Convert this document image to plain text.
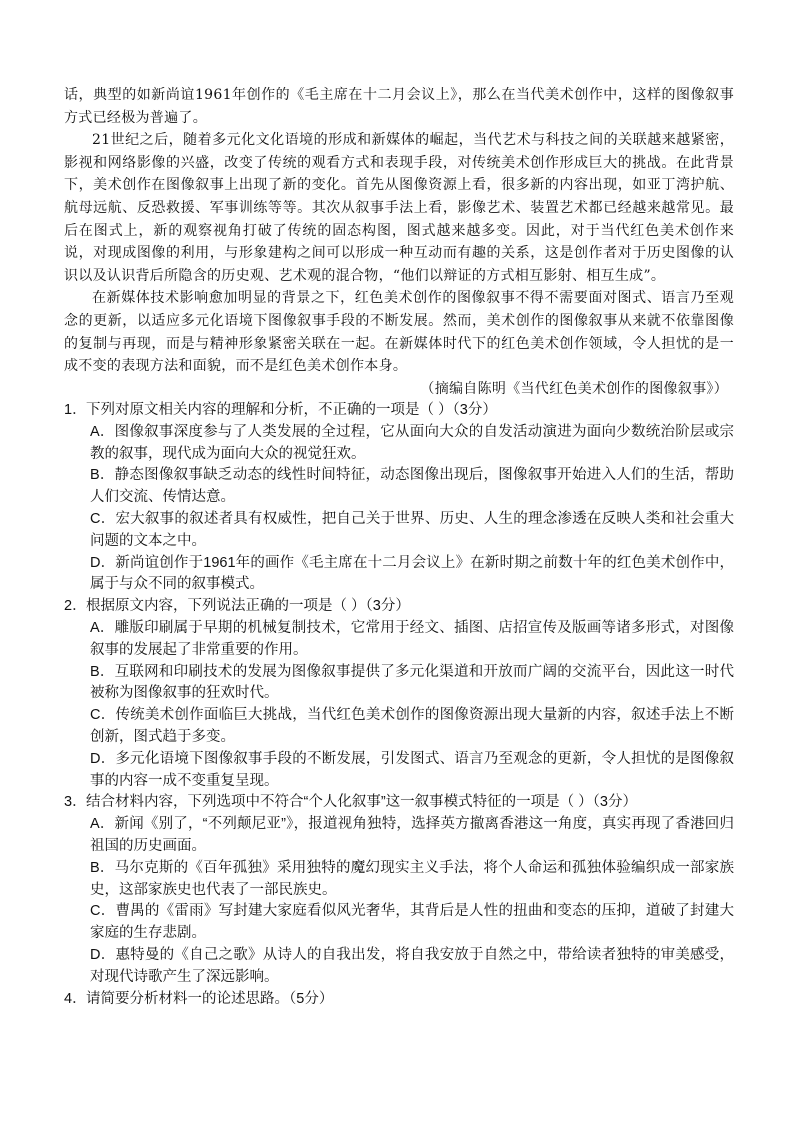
话，典型的如新尚谊1961年创作的《毛主席在十二月会议上》，那么在当代美术创作中，这样的图像叙事方式已经极为普遍了。

21世纪之后，随着多元化文化语境的形成和新媒体的崛起，当代艺术与科技之间的关联越来越紧密，影视和网络影像的兴盛，改变了传统的观看方式和表现手段，对传统美术创作形成巨大的挑战。在此背景下，美术创作在图像叙事上出现了新的变化。首先从图像资源上看，很多新的内容出现，如亚丁湾护航、航母远航、反恐救援、军事训练等等。其次从叙事手法上看，影像艺术、装置艺术都已经越来越常见。最后在图式上，新的观察视角打破了传统的固态构图，图式越来越多变。因此，对于当代红色美术创作来说，对现成图像的利用，与形象建构之间可以形成一种互动而有趣的关系，这是创作者对于历史图像的认识以及认识背后所隐含的历史观、艺术观的混合物，“他们以辩证的方式相互影射、相互生成”。

在新媒体技术影响愈加明显的背景之下，红色美术创作的图像叙事不得不需要面对图式、语言乃至观念的更新，以适应多元化语境下图像叙事手段的不断发展。然而，美术创作的图像叙事从来就不依靠图像的复制与再现，而是与精神形象紧密关联在一起。在新媒体时代下的红色美术创作领域，令人担忧的是一成不变的表现方法和面貌，而不是红色美术创作本身。

（摘编自陈明《当代红色美术创作的图像叙事》）

1． 下列对原文相关内容的理解和分析，不正确的一项是（ ）（3分）

A．图像叙事深度参与了人类发展的全过程，它从面向大众的自发活动演进为面向少数统治阶层或宗教的叙事，现代成为面向大众的视觉狂欢。

B．静态图像叙事缺乏动态的线性时间特征，动态图像出现后，图像叙事开始进入人们的生活，帮助人们交流、传情达意。

C．宏大叙事的叙述者具有权威性，把自己关于世界、历史、人生的理念渗透在反映人类和社会重大问题的文本之中。

D．新尚谊创作于1961年的画作《毛主席在十二月会议上》在新时期之前数十年的红色美术创作中，属于与众不同的叙事模式。

2． 根据原文内容，下列说法正确的一项是（ ）（3分）

A．雕版印刷属于早期的机械复制技术，它常用于经文、插图、店招宣传及版画等诸多形式，对图像叙事的发展起了非常重要的作用。

B．互联网和印刷技术的发展为图像叙事提供了多元化渠道和开放而广阔的交流平台，因此这一时代被称为图像叙事的狂欢时代。

C．传统美术创作面临巨大挑战，当代红色美术创作的图像资源出现大量新的内容，叙述手法上不断创新，图式趋于多变。

D．多元化语境下图像叙事手段的不断发展，引发图式、语言乃至观念的更新，令人担忧的是图像叙事的内容一成不变重复呈现。

3． 结合材料内容，下列选项中不符合“个人化叙事”这一叙事模式特征的一项是（ ）（3分）

A．新闻《别了，“不列颠尼亚”》，报道视角独特，选择英方撤离香港这一角度，真实再现了香港回归祖国的历史画面。

B．马尔克斯的《百年孤独》采用独特的魔幻现实主义手法，将个人命运和孤独体验编织成一部家族史，这部家族史也代表了一部民族史。

C．曹禺的《雷雨》写封建大家庭看似风光奢华，其背后是人性的扭曲和变态的压抑，道破了封建大家庭的生存悲剧。

D．惠特曼的《自己之歌》从诗人的自我出发，将自我安放于自然之中，带给读者独特的审美感受，对现代诗歌产生了深远影响。

4． 请简要分析材料一的论述思路。（5分）
